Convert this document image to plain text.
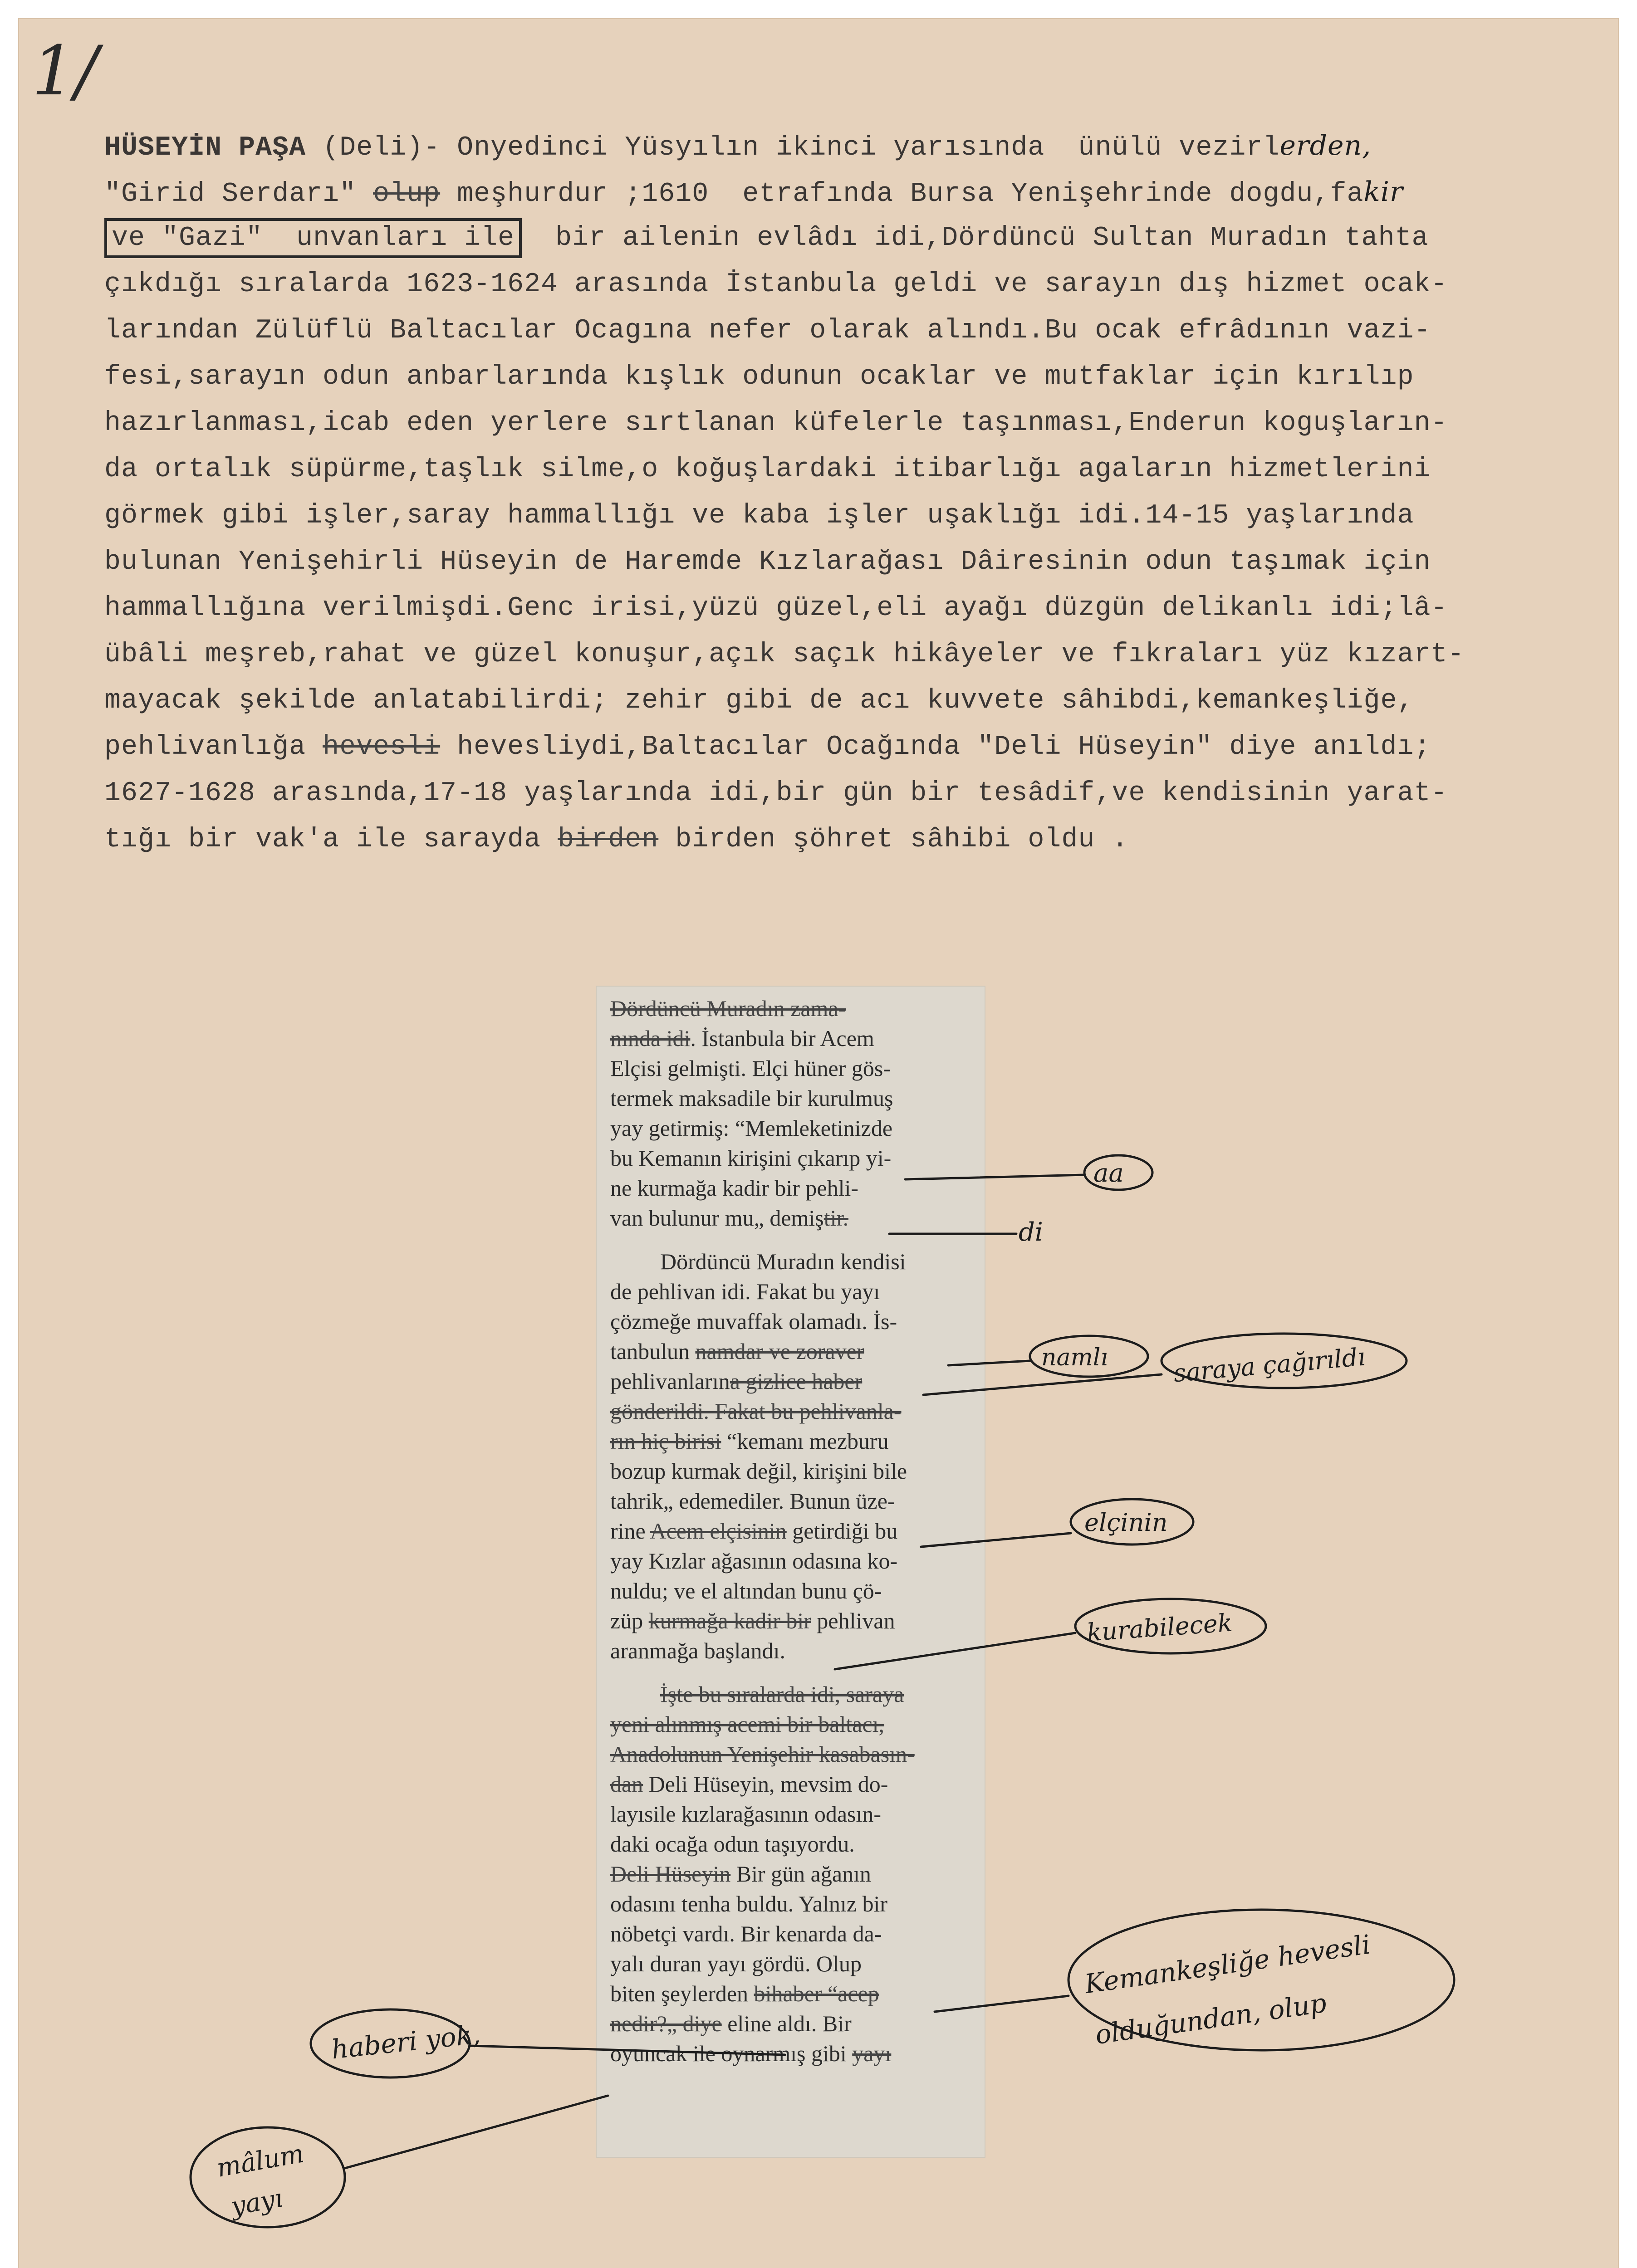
1/
HÜSEYİN PAŞA (Deli)- Onyedinci Yüsyılın ikinci yarısında  ünülü vezirlerden,
"Girid Serdarı" olup meşhurdur ;1610  etrafında Bursa Yenişehrinde dogdu,fakir
ve "Gazi"  unvanları ile  bir ailenin evlâdı idi,Dördüncü Sultan Muradın tahta
çıkdığı sıralarda 1623-1624 arasında İstanbula geldi ve sarayın dış hizmet ocak-
larından Zülüflü Baltacılar Ocagına nefer olarak alındı.Bu ocak efrâdının vazi-
fesi,sarayın odun anbarlarında kışlık odunun ocaklar ve mutfaklar için kırılıp
hazırlanması,icab eden yerlere sırtlanan küfelerle taşınması,Enderun koguşların-
da ortalık süpürme,taşlık silme,o koğuşlardaki itibarlığı agaların hizmetlerini
görmek gibi işler,saray hammallığı ve kaba işler uşaklığı idi.14-15 yaşlarında
bulunan Yenişehirli Hüseyin de Haremde Kızlarağası Dâiresinin odun taşımak için
hammallığına verilmişdi.Genc irisi,yüzü güzel,eli ayağı düzgün delikanlı idi;lâ-
übâli meşreb,rahat ve güzel konuşur,açık saçık hikâyeler ve fıkraları yüz kızart-
mayacak şekilde anlatabilirdi; zehir gibi de acı kuvvete sâhibdi,kemankeşliğe,
pehlivanlığa hevesli hevesliydi,Baltacılar Ocağında "Deli Hüseyin" diye anıldı;
1627-1628 arasında,17-18 yaşlarında idi,bir gün bir tesâdif,ve kendisinin yarat-
tığı bir vak'a ile sarayda birden birden şöhret sâhibi oldu .
Dördüncü Muradın zama-
nında idi. İstanbula bir Acem
Elçisi gelmişti. Elçi hüner gös-
termek maksadile bir kurulmuş
yay getirmiş: “Memleketinizde
bu Kemanın kirişini çıkarıp yi-
ne kurmağa kadir bir pehli-
van bulunur mu„ demiştir.
Dördüncü Muradın kendisi
de pehlivan idi. Fakat bu yayı
çözmeğe muvaffak olamadı. İs-
tanbulun namdar ve zoraver
pehlivanlarına gizlice haber
gönderildi. Fakat bu pehlivanla-
rın hiç birisi “kemanı mezburu
bozup kurmak değil, kirişini bile
tahrik„ edemediler. Bunun üze-
rine Acem elçisinin getirdiği bu
yay Kızlar ağasının odasına ko-
nuldu; ve el altından bunu çö-
züp kurmağa kadir bir pehlivan
aranmağa başlandı.
İşte bu sıralarda idi, saraya
yeni alınmış acemi bir baltacı,
Anadolunun Yenişehir kasabasın-
dan Deli Hüseyin, mevsim do-
layısile kızlarağasının odasın-
daki ocağa odun taşıyordu.
Deli Hüseyin Bir gün ağanın
odasını tenha buldu. Yalnız bir
nöbetçi vardı. Bir kenarda da-
yalı duran yayı gördü. Olup
biten şeylerden bihaber “acep
nedir?„ diye eline aldı. Bir
oyuncak ile oynarmış gibi yayı
aa
di
namlı	saraya çağırıldı
elçinin
kurabilecek
Kemankeşliğe hevesli
olduğundan, olup
haberi yok,
mâlum
yayı
